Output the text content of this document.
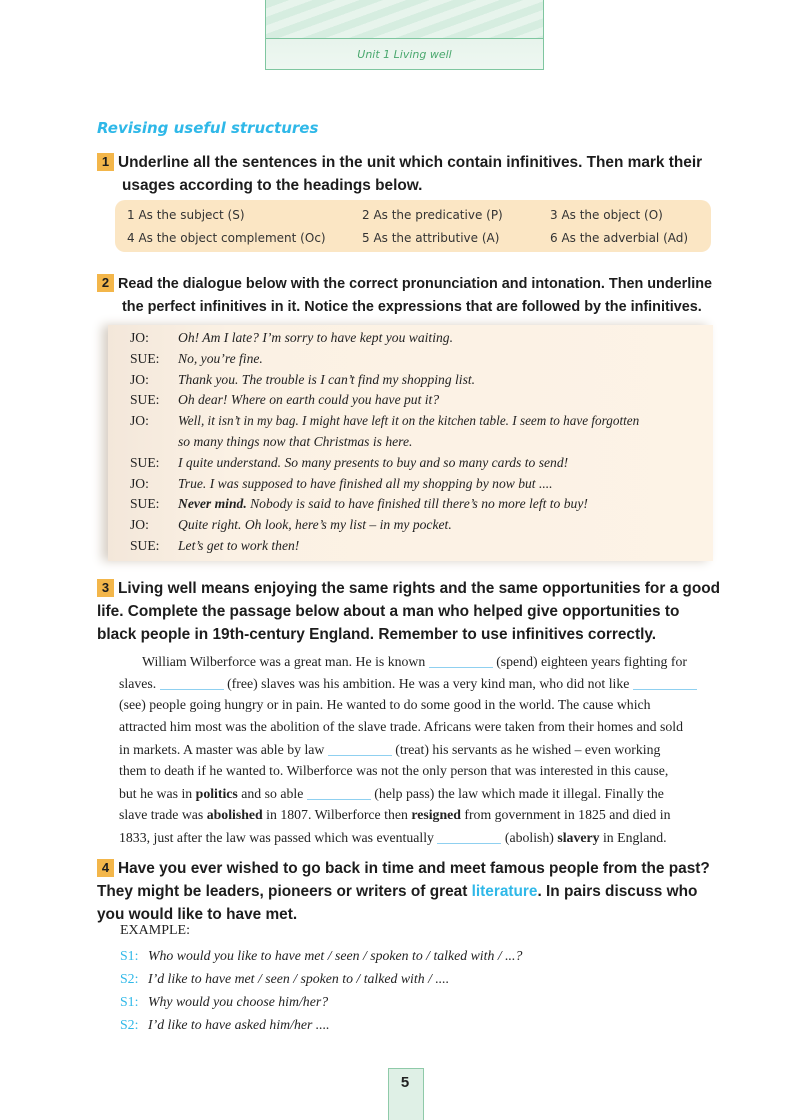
Unit 1 Living well
Revising useful structures
1 Underline all the sentences in the unit which contain infinitives. Then mark their
usages according to the headings below.
1 As the subject (S)	2 As the predicative (P)	3 As the object (O)
4 As the object complement (Oc)	5 As the attributive (A)	6 As the adverbial (Ad)
2 Read the dialogue below with the correct pronunciation and intonation. Then underline
the perfect infinitives in it. Notice the expressions that are followed by the infinitives.
JO: Oh! Am I late? I’m sorry to have kept you waiting.
SUE: No, you’re fine.
JO: Thank you. The trouble is I can’t find my shopping list.
SUE: Oh dear! Where on earth could you have put it?
JO: Well, it isn’t in my bag. I might have left it on the kitchen table. I seem to have forgotten
so many things now that Christmas is here.
SUE: I quite understand. So many presents to buy and so many cards to send!
JO: True. I was supposed to have finished all my shopping by now but ....
SUE: Never mind. Nobody is said to have finished till there’s no more left to buy!
JO: Quite right. Oh look, here’s my list – in my pocket.
SUE: Let’s get to work then!
3 Living well means enjoying the same rights and the same opportunities for a good
life. Complete the passage below about a man who helped give opportunities to
black people in 19th-century England. Remember to use infinitives correctly.
William Wilberforce was a great man. He is known	(spend) eighteen years fighting for
slaves.	(free) slaves was his ambition. He was a very kind man, who did not like
(see) people going hungry or in pain. He wanted to do some good in the world. The cause which
attracted him most was the abolition of the slave trade. Africans were taken from their homes and sold
in markets. A master was able by law	(treat) his servants as he wished – even working
them to death if he wanted to. Wilberforce was not the only person that was interested in this cause,
but he was in politics and so able	(help pass) the law which made it illegal. Finally the
slave trade was abolished in 1807. Wilberforce then resigned from government in 1825 and died in
1833, just after the law was passed which was eventually	(abolish) slavery in England.
4 Have you ever wished to go back in time and meet famous people from the past?
They might be leaders, pioneers or writers of great literature. In pairs discuss who
you would like to have met.
EXAMPLE:
S1: Who would you like to have met / seen / spoken to / talked with / ...?
S2: I’d like to have met / seen / spoken to / talked with / ....
S1: Why would you choose him/her?
S2: I’d like to have asked him/her ....
5
